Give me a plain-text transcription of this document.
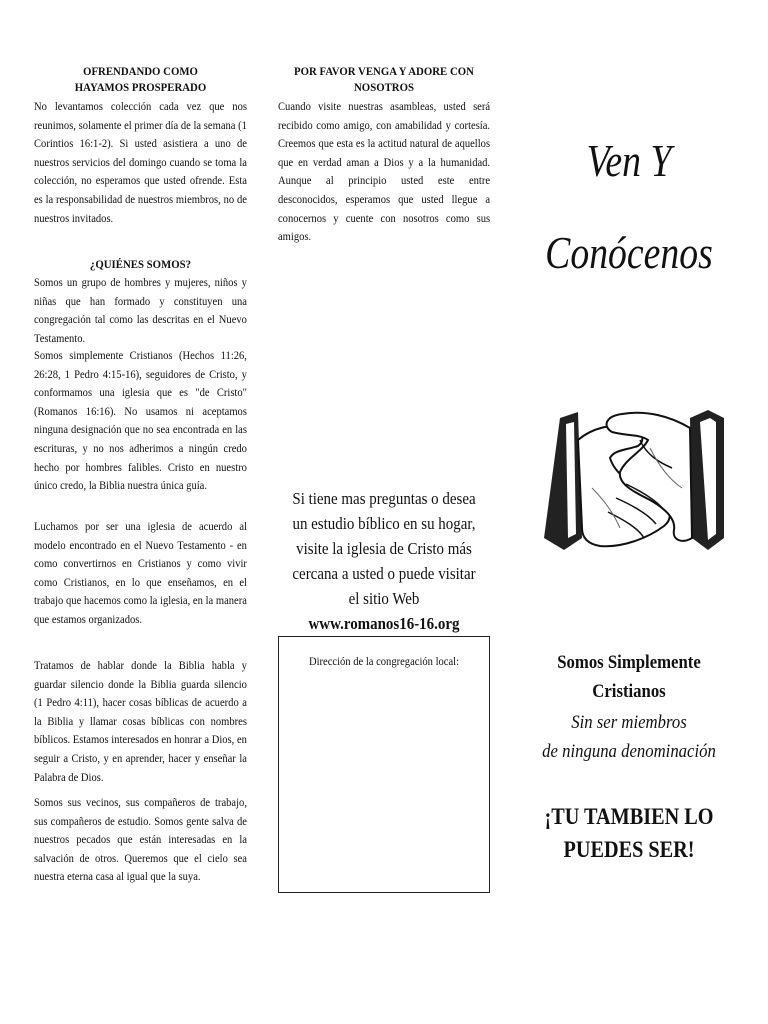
OFRENDANDO COMO
HAYAMOS PROSPERADO

No levantamos colección cada vez que nos reunimos, solamente el primer día de la semana (1 Corintios 16:1-2). Si usted asistiera a uno de nuestros servicios del domingo cuando se toma la colección, no esperamos que usted ofrende. Esta es la responsabilidad de nuestros miembros, no de nuestros invitados.

¿QUIÉNES SOMOS?

Somos un grupo de hombres y mujeres, niños y niñas que han formado y constituyen una congregación tal como las descritas en el Nuevo Testamento.

Somos simplemente Cristianos (Hechos 11:26, 26:28, 1 Pedro 4:15-16), seguidores de Cristo, y conformamos una iglesia que es "de Cristo" (Romanos 16:16). No usamos ni aceptamos ninguna designación que no sea encontrada en las escrituras, y no nos adherimos a ningún credo hecho por hombres falibles. Cristo en nuestro único credo, la Biblia nuestra única guía.

Luchamos por ser una iglesia de acuerdo al modelo encontrado en el Nuevo Testamento - en como convertirnos en Cristianos y como vivir como Cristianos, en lo que enseñamos, en el trabajo que hacemos como la iglesia, en la manera que estamos organizados.

Tratamos de hablar donde la Biblia habla y guardar silencio donde la Biblia guarda silencio (1 Pedro 4:11), hacer cosas bíblicas de acuerdo a la Biblia y llamar cosas bíblicas con nombres bíblicos. Estamos interesados en honrar a Dios, en seguir a Cristo, y en aprender, hacer y enseñar la Palabra de Dios.

Somos sus vecinos, sus compañeros de trabajo, sus compañeros de estudio. Somos gente salva de nuestros pecados que están interesadas en la salvación de otros. Queremos que el cielo sea nuestra eterna casa al igual que la suya.

POR FAVOR VENGA Y ADORE CON
NOSOTROS

Cuando visite nuestras asambleas, usted será recibido como amigo, con amabilidad y cortesía. Creemos que esta es la actitud natural de aquellos que en verdad aman a Dios y a la humanidad. Aunque al principio usted este entre desconocidos, esperamos que usted llegue a conocernos y cuente con nosotros como sus amigos.

Si tiene mas preguntas o desea un estudio bíblico en su hogar, visite la iglesia de Cristo más cercana a usted o puede visitar el sitio Web
www.romanos16-16.org
Dirección de la congregación local:
Ven Y
Conócenos
Somos Simplemente Cristianos
Sin ser miembros
de ninguna denominación
¡TU TAMBIEN LO PUEDES SER!
